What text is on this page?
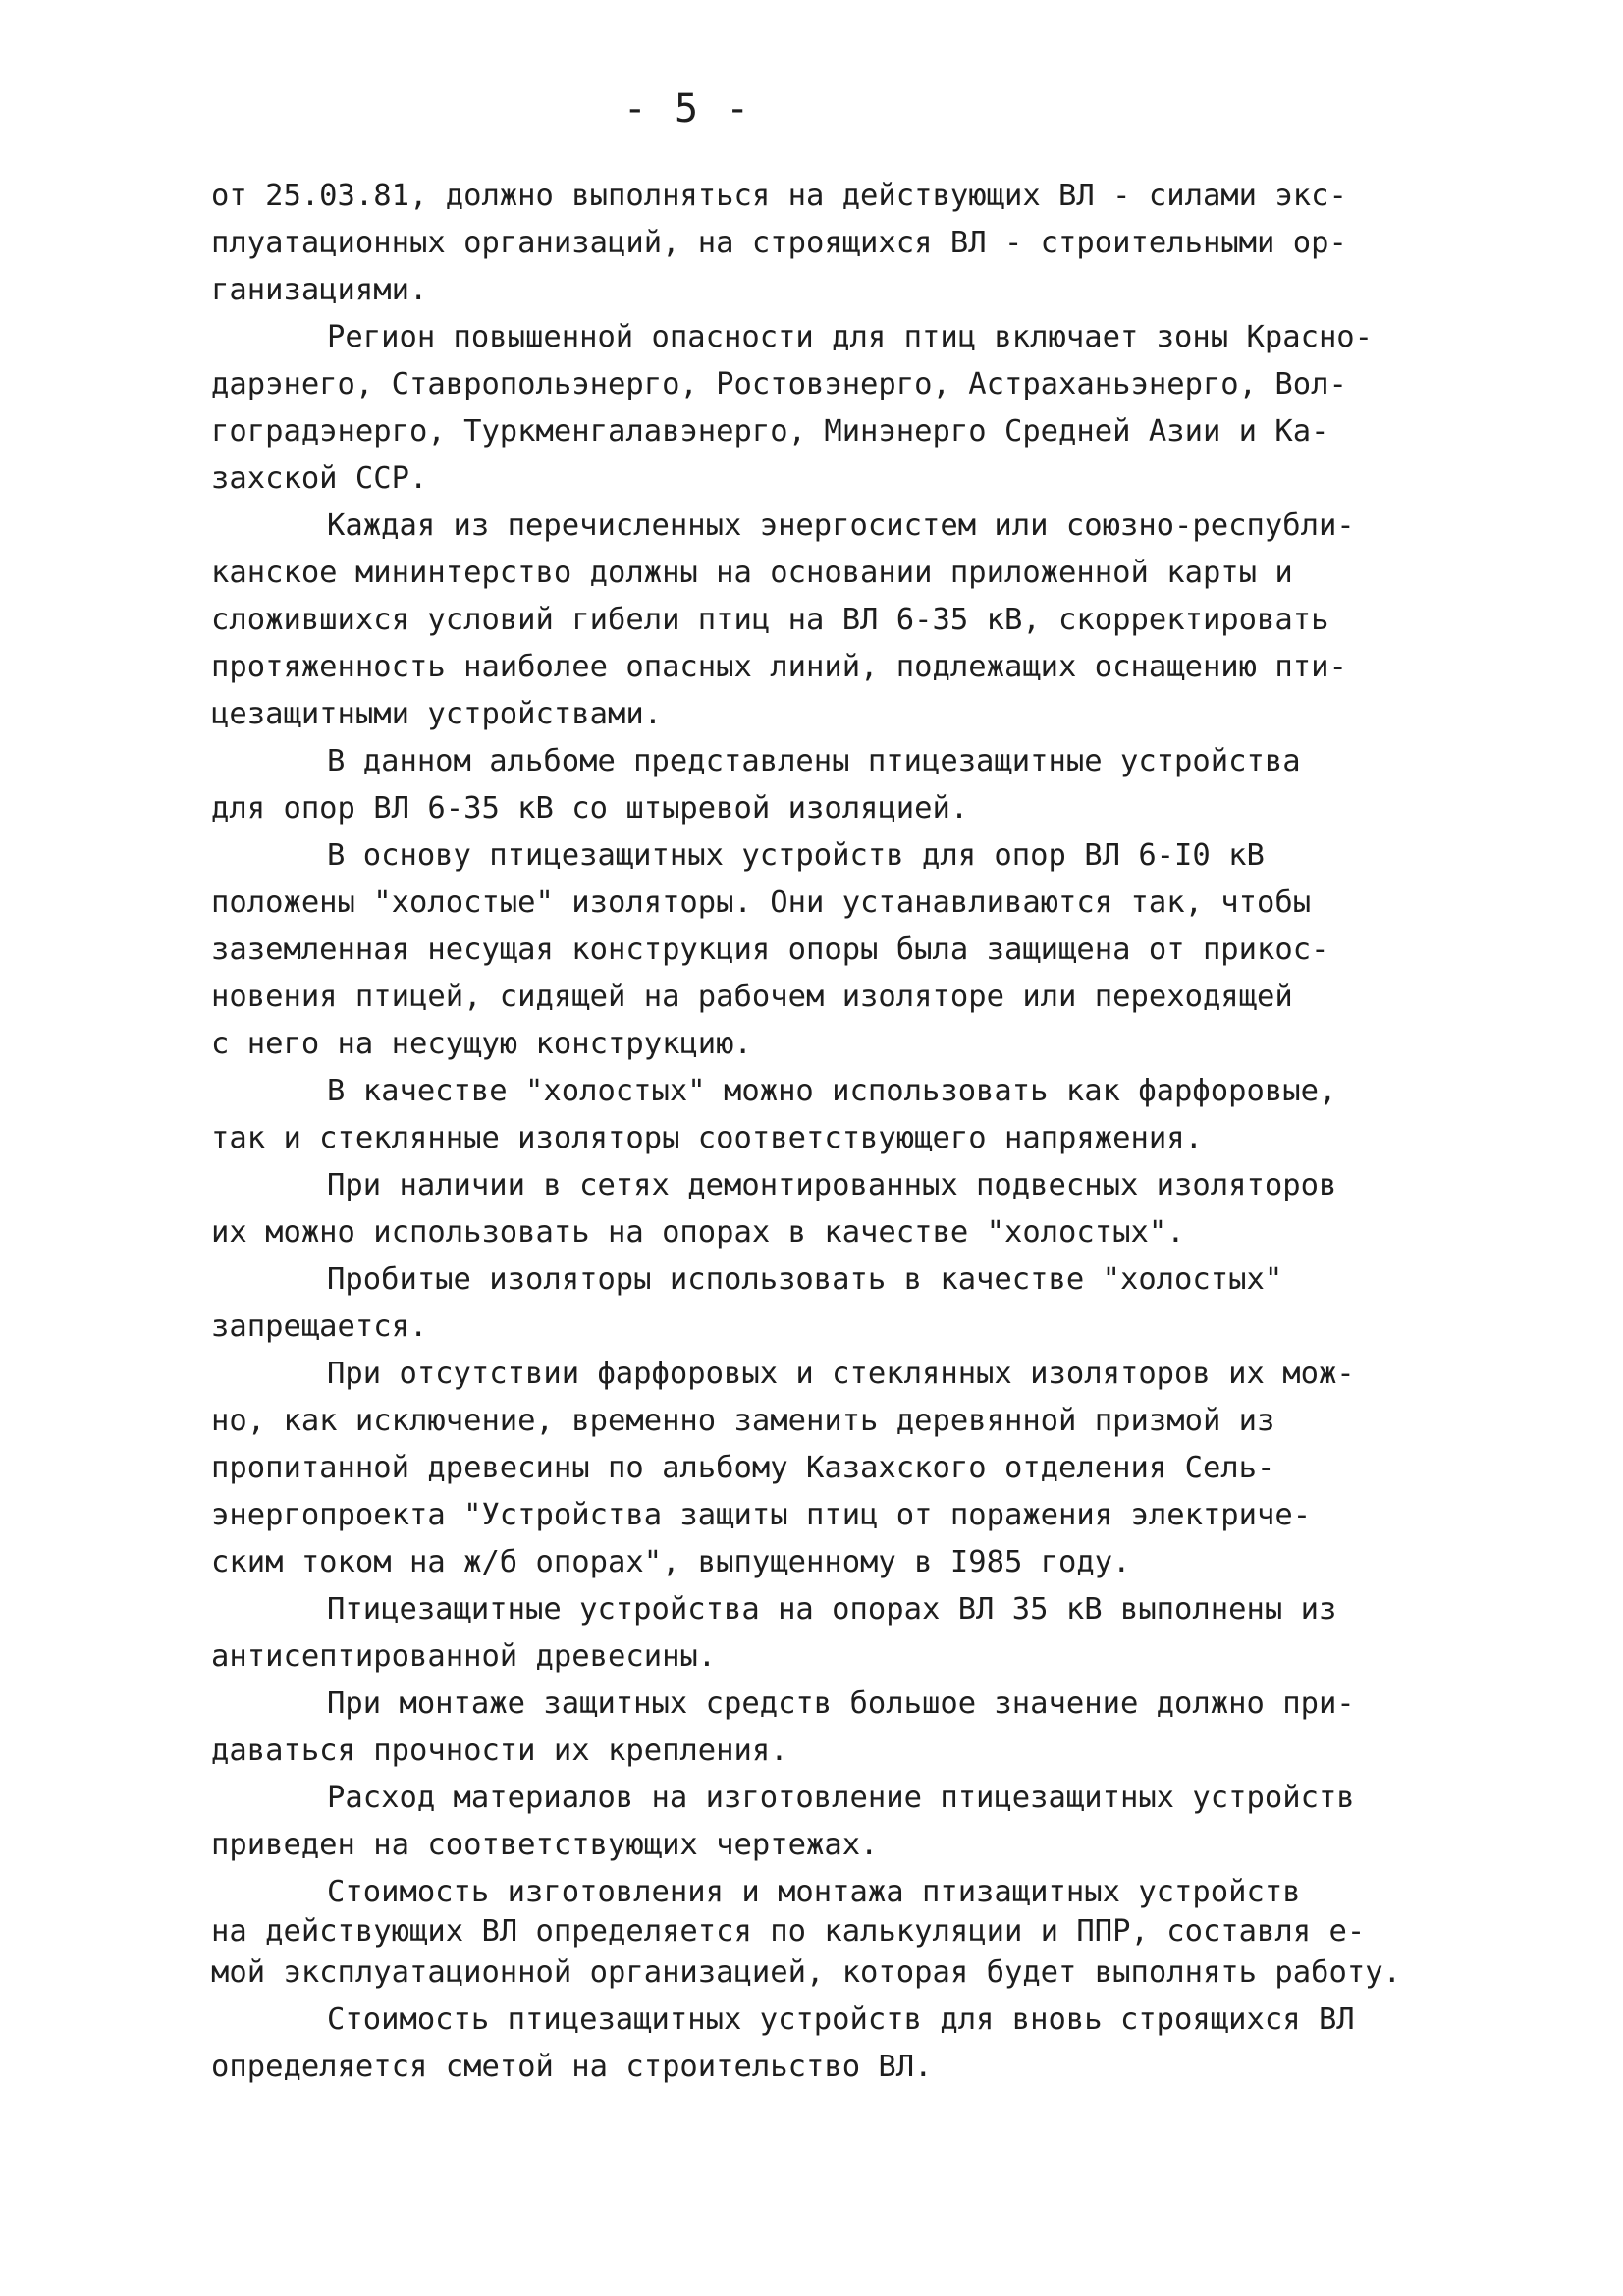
- 5 -
от 25.03.81, должно выполняться на действующих ВЛ - силами экс-
плуатационных организаций, на строящихся ВЛ - строительными ор-
ганизациями.
Регион повышенной опасности для птиц включает зоны Красно-
дарэнего, Ставропольэнерго, Ростовэнерго, Астраханьэнерго, Вол-
гоградэнерго, Туркменгалавэнерго, Минэнерго Средней Азии и Ка-
захской ССР.
Каждая из перечисленных энергосистем или союзно-республи-
канское мининтерство должны на основании приложенной карты и
сложившихся условий гибели птиц на ВЛ 6-35 кВ, скорректировать
протяженность наиболее опасных линий, подлежащих оснащению пти-
цезащитными устройствами.
В данном альбоме представлены птицезащитные устройства
для опор ВЛ 6-35 кВ со штыревой изоляцией.
В основу птицезащитных устройств для опор ВЛ 6-I0 кВ
положены "холостые" изоляторы. Они устанавливаются так, чтобы
заземленная несущая конструкция опоры была защищена от прикос-
новения птицей, сидящей на рабочем изоляторе или переходящей
с него на несущую конструкцию.
В качестве "холостых" можно использовать как фарфоровые,
так и стеклянные изоляторы соответствующего напряжения.
При наличии в сетях демонтированных подвесных изоляторов
их можно использовать на опорах в качестве "холостых".
Пробитые изоляторы использовать в качестве "холостых"
запрещается.
При отсутствии фарфоровых и стеклянных изоляторов их мож-
но, как исключение, временно заменить деревянной призмой из
пропитанной древесины по альбому Казахского отделения Сель-
энергопроекта "Устройства защиты птиц от поражения электриче-
ским током на ж/б опорах", выпущенному в I985 году.
Птицезащитные устройства на опорах ВЛ 35 кВ выполнены из
антисептированной древесины.
При монтаже защитных средств большое значение должно при-
даваться прочности их крепления.
Расход материалов на изготовление птицезащитных устройств
приведен на соответствующих чертежах.
Стоимость изготовления и монтажа птизащитных устройств
на действующих ВЛ определяется по калькуляции и ППР, составля е-
мой эксплуатационной организацией, которая будет выполнять работу.
Стоимость птицезащитных устройств для вновь строящихся ВЛ
определяется сметой на строительство ВЛ.
